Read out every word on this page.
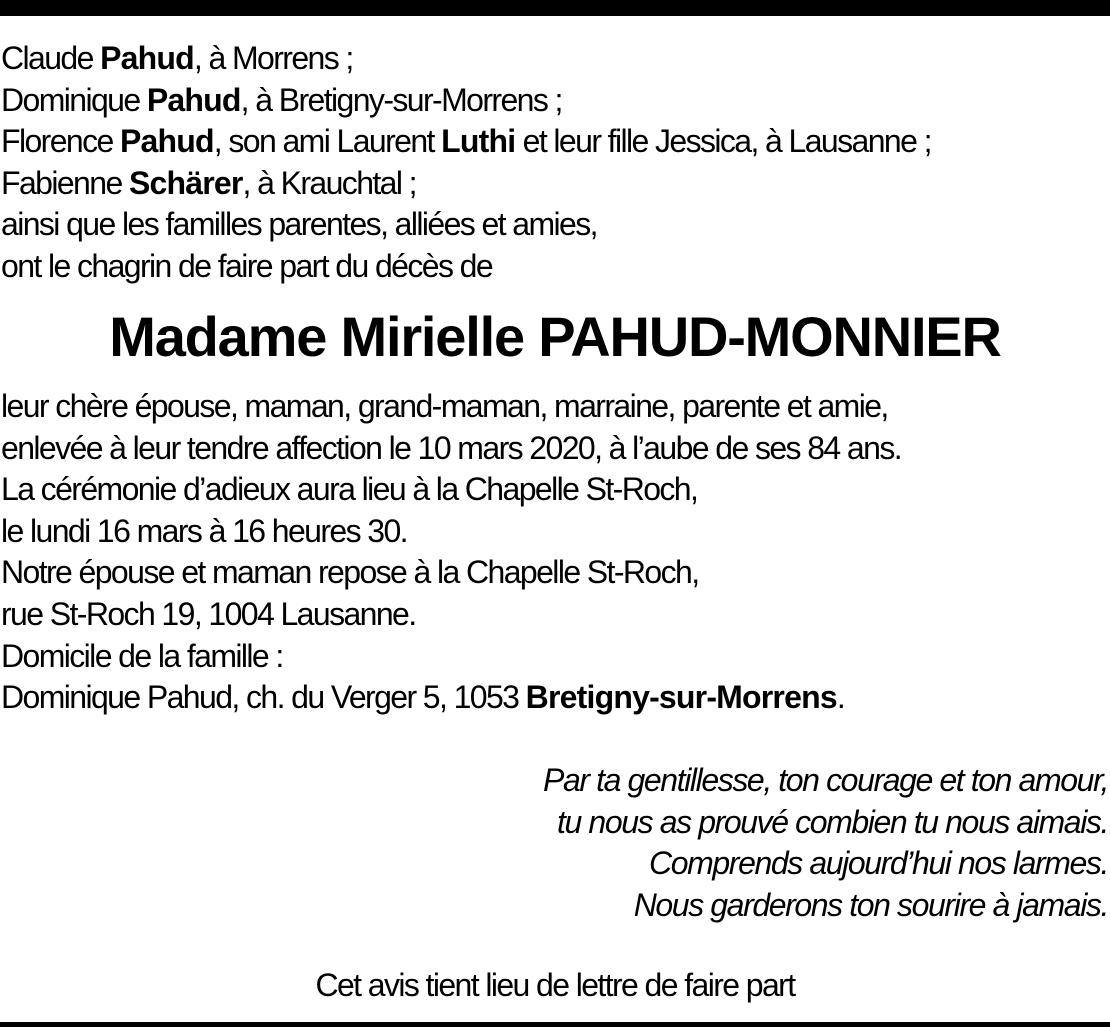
Claude Pahud, à Morrens ;
Dominique Pahud, à Bretigny-sur-Morrens ;
Florence Pahud, son ami Laurent Luthi et leur fille Jessica, à Lausanne ;
Fabienne Schärer, à Krauchtal ;
ainsi que les familles parentes, alliées et amies,
ont le chagrin de faire part du décès de
Madame Mirielle PAHUD-MONNIER
leur chère épouse, maman, grand-maman, marraine, parente et amie,
enlevée à leur tendre affection le 10 mars 2020, à l’aube de ses 84 ans.
La cérémonie d’adieux aura lieu à la Chapelle St-Roch,
le lundi 16 mars à 16 heures 30.
Notre épouse et maman repose à la Chapelle St-Roch,
rue St-Roch 19, 1004 Lausanne.
Domicile de la famille :
Dominique Pahud, ch. du Verger 5, 1053 Bretigny-sur-Morrens.
Par ta gentillesse, ton courage et ton amour,
tu nous as prouvé combien tu nous aimais.
Comprends aujourd’hui nos larmes.
Nous garderons ton sourire à jamais.
Cet avis tient lieu de lettre de faire part
